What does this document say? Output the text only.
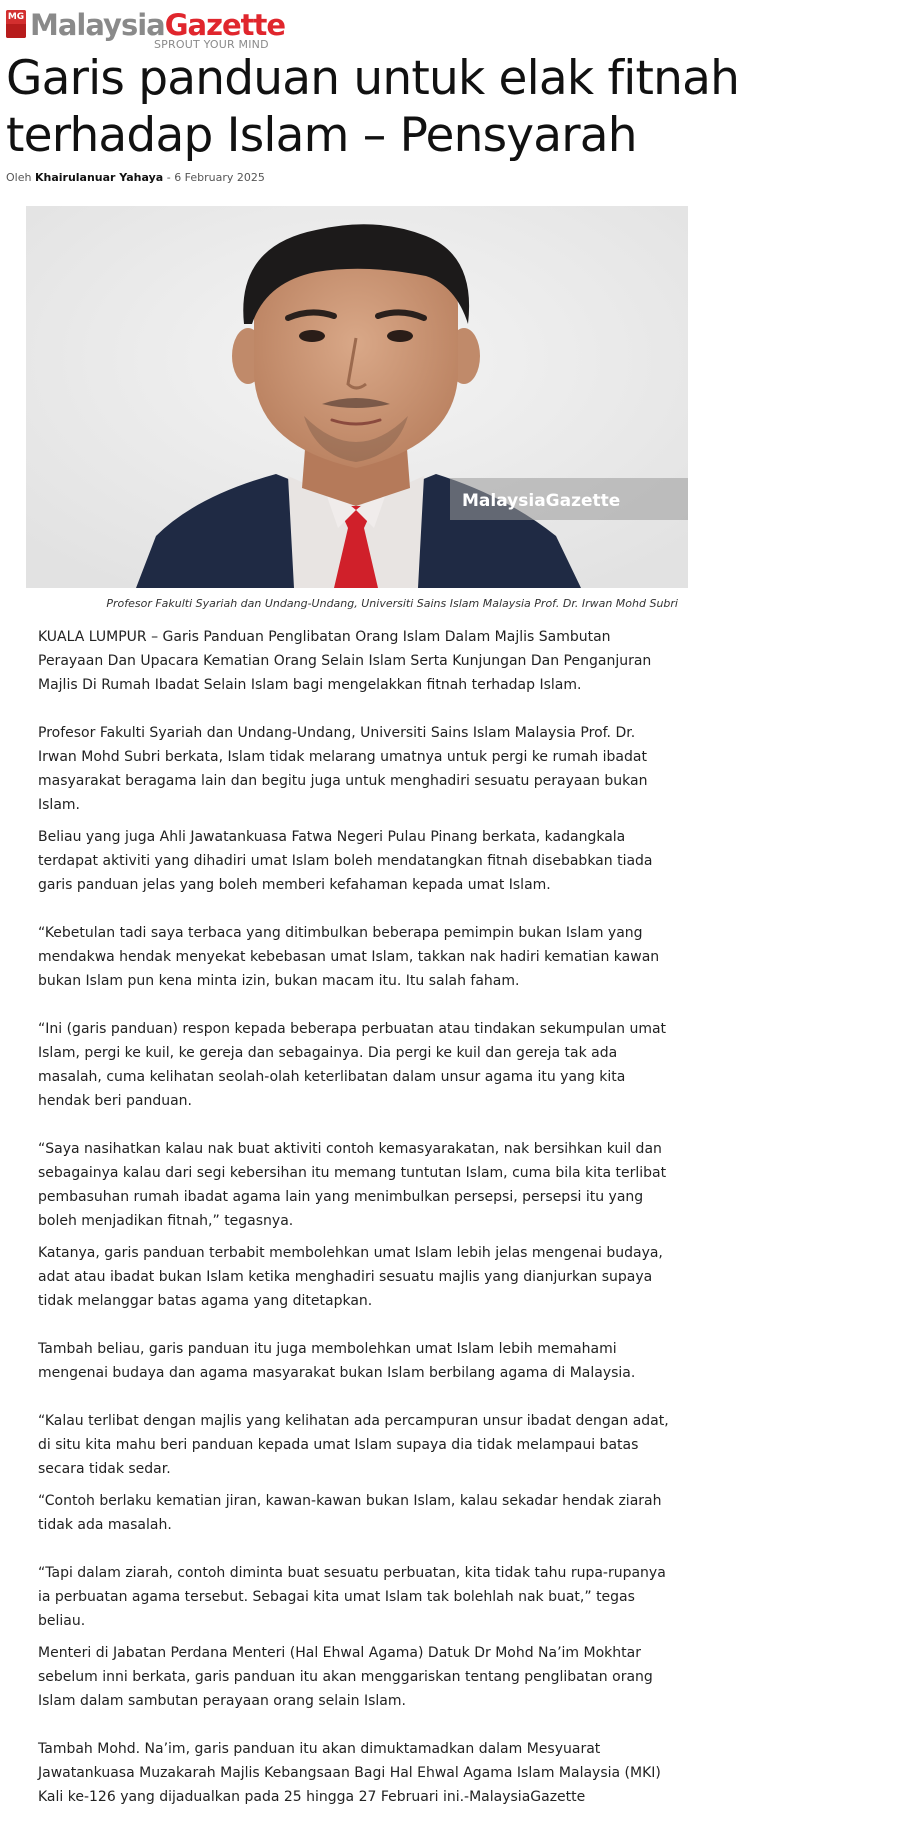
MG MalaysiaGazette
SPROUT YOUR MIND
Garis panduan untuk elak fitnah terhadap Islam – Pensyarah
Oleh Khairulanuar Yahaya - 6 February 2025
MalaysiaGazette
Profesor Fakulti Syariah dan Undang-Undang, Universiti Sains Islam Malaysia Prof. Dr. Irwan Mohd Subri

KUALA LUMPUR – Garis Panduan Penglibatan Orang Islam Dalam Majlis Sambutan Perayaan Dan Upacara Kematian Orang Selain Islam Serta Kunjungan Dan Penganjuran Majlis Di Rumah Ibadat Selain Islam bagi mengelakkan fitnah terhadap Islam.

Profesor Fakulti Syariah dan Undang-Undang, Universiti Sains Islam Malaysia Prof. Dr. Irwan Mohd Subri berkata, Islam tidak melarang umatnya untuk pergi ke rumah ibadat masyarakat beragama lain dan begitu juga untuk menghadiri sesuatu perayaan bukan Islam.

Beliau yang juga Ahli Jawatankuasa Fatwa Negeri Pulau Pinang berkata, kadangkala terdapat aktiviti yang dihadiri umat Islam boleh mendatangkan fitnah disebabkan tiada garis panduan jelas yang boleh memberi kefahaman kepada umat Islam.

“Kebetulan tadi saya terbaca yang ditimbulkan beberapa pemimpin bukan Islam yang mendakwa hendak menyekat kebebasan umat Islam, takkan nak hadiri kematian kawan bukan Islam pun kena minta izin, bukan macam itu. Itu salah faham.

“Ini (garis panduan) respon kepada beberapa perbuatan atau tindakan sekumpulan umat Islam, pergi ke kuil, ke gereja dan sebagainya. Dia pergi ke kuil dan gereja tak ada masalah, cuma kelihatan seolah-olah keterlibatan dalam unsur agama itu yang kita hendak beri panduan.

“Saya nasihatkan kalau nak buat aktiviti contoh kemasyarakatan, nak bersihkan kuil dan sebagainya kalau dari segi kebersihan itu memang tuntutan Islam, cuma bila kita terlibat pembasuhan rumah ibadat agama lain yang menimbulkan persepsi, persepsi itu yang boleh menjadikan fitnah,” tegasnya.

Katanya, garis panduan terbabit membolehkan umat Islam lebih jelas mengenai budaya, adat atau ibadat bukan Islam ketika menghadiri sesuatu majlis yang dianjurkan supaya tidak melanggar batas agama yang ditetapkan.

Tambah beliau, garis panduan itu juga membolehkan umat Islam lebih memahami mengenai budaya dan agama masyarakat bukan Islam berbilang agama di Malaysia.

“Kalau terlibat dengan majlis yang kelihatan ada percampuran unsur ibadat dengan adat, di situ kita mahu beri panduan kepada umat Islam supaya dia tidak melampaui batas secara tidak sedar.

“Contoh berlaku kematian jiran, kawan-kawan bukan Islam, kalau sekadar hendak ziarah tidak ada masalah.

“Tapi dalam ziarah, contoh diminta buat sesuatu perbuatan, kita tidak tahu rupa-rupanya ia perbuatan agama tersebut. Sebagai kita umat Islam tak bolehlah nak buat,” tegas beliau.

Menteri di Jabatan Perdana Menteri (Hal Ehwal Agama) Datuk Dr Mohd Na’im Mokhtar sebelum inni berkata, garis panduan itu akan menggariskan tentang penglibatan orang Islam dalam sambutan perayaan orang selain Islam.

Tambah Mohd. Na’im, garis panduan itu akan dimuktamadkan dalam Mesyuarat Jawatankuasa Muzakarah Majlis Kebangsaan Bagi Hal Ehwal Agama Islam Malaysia (MKI) Kali ke-126 yang dijadualkan pada 25 hingga 27 Februari ini.-MalaysiaGazette
